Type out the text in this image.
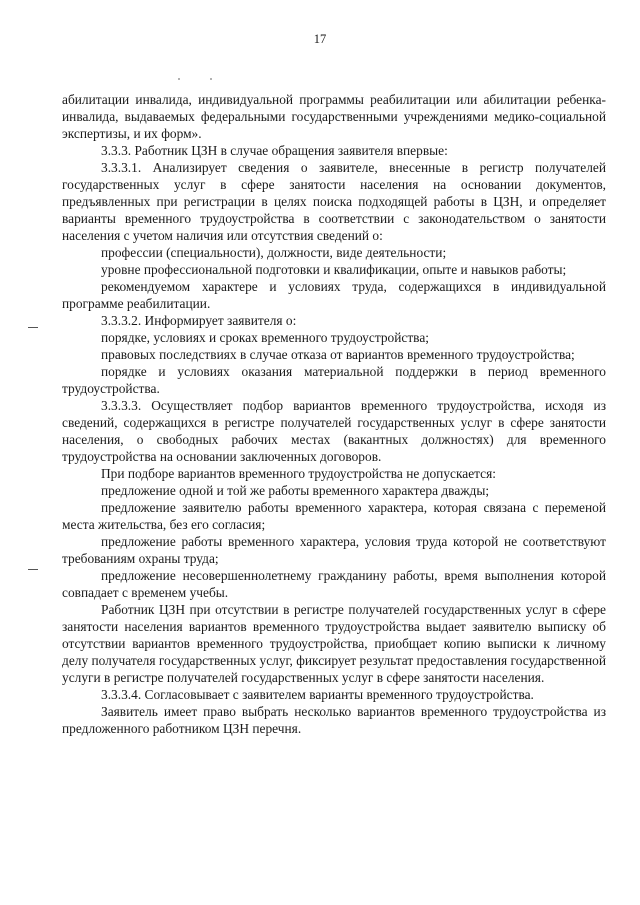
17

абилитации инвалида, индивидуальной программы реабилитации или абилитации ребенка-инвалида, выдаваемых федеральными государственными учреждениями медико-социальной экспертизы, и их форм».

3.3.3. Работник ЦЗН в случае обращения заявителя впервые:

3.3.3.1. Анализирует сведения о заявителе, внесенные в регистр получателей государственных услуг в сфере занятости населения на основании документов, предъявленных при регистрации в целях поиска подходящей работы в ЦЗН, и определяет варианты временного трудоустройства в соответствии с законодательством о занятости населения с учетом наличия или отсутствия сведений о:

профессии (специальности), должности, виде деятельности;

уровне профессиональной подготовки и квалификации, опыте и навыков работы;

рекомендуемом характере и условиях труда, содержащихся в индивидуальной программе реабилитации.

3.3.3.2. Информирует заявителя о:

порядке, условиях и сроках временного трудоустройства;

правовых последствиях в случае отказа от вариантов временного трудоустройства;

порядке и условиях оказания материальной поддержки в период временного трудоустройства.

3.3.3.3. Осуществляет подбор вариантов временного трудоустройства, исходя из сведений, содержащихся в регистре получателей государственных услуг в сфере занятости населения, о свободных рабочих местах (вакантных должностях) для временного трудоустройства на основании заключенных договоров.

При подборе вариантов временного трудоустройства не допускается:

предложение одной и той же работы временного характера дважды;

предложение заявителю работы временного характера, которая связана с переменой места жительства, без его согласия;

предложение работы временного характера, условия труда которой не соответствуют требованиям охраны труда;

предложение несовершеннолетнему гражданину работы, время выполнения которой совпадает с временем учебы.

Работник ЦЗН при отсутствии в регистре получателей государственных услуг в сфере занятости населения вариантов временного трудоустройства выдает заявителю выписку об отсутствии вариантов временного трудоустройства, приобщает копию выписки к личному делу получателя государственных услуг, фиксирует результат предоставления государственной услуги в регистре получателей государственных услуг в сфере занятости населения.

3.3.3.4. Согласовывает с заявителем варианты временного трудоустройства.

Заявитель имеет право выбрать несколько вариантов временного трудоустройства из предложенного работником ЦЗН перечня.
